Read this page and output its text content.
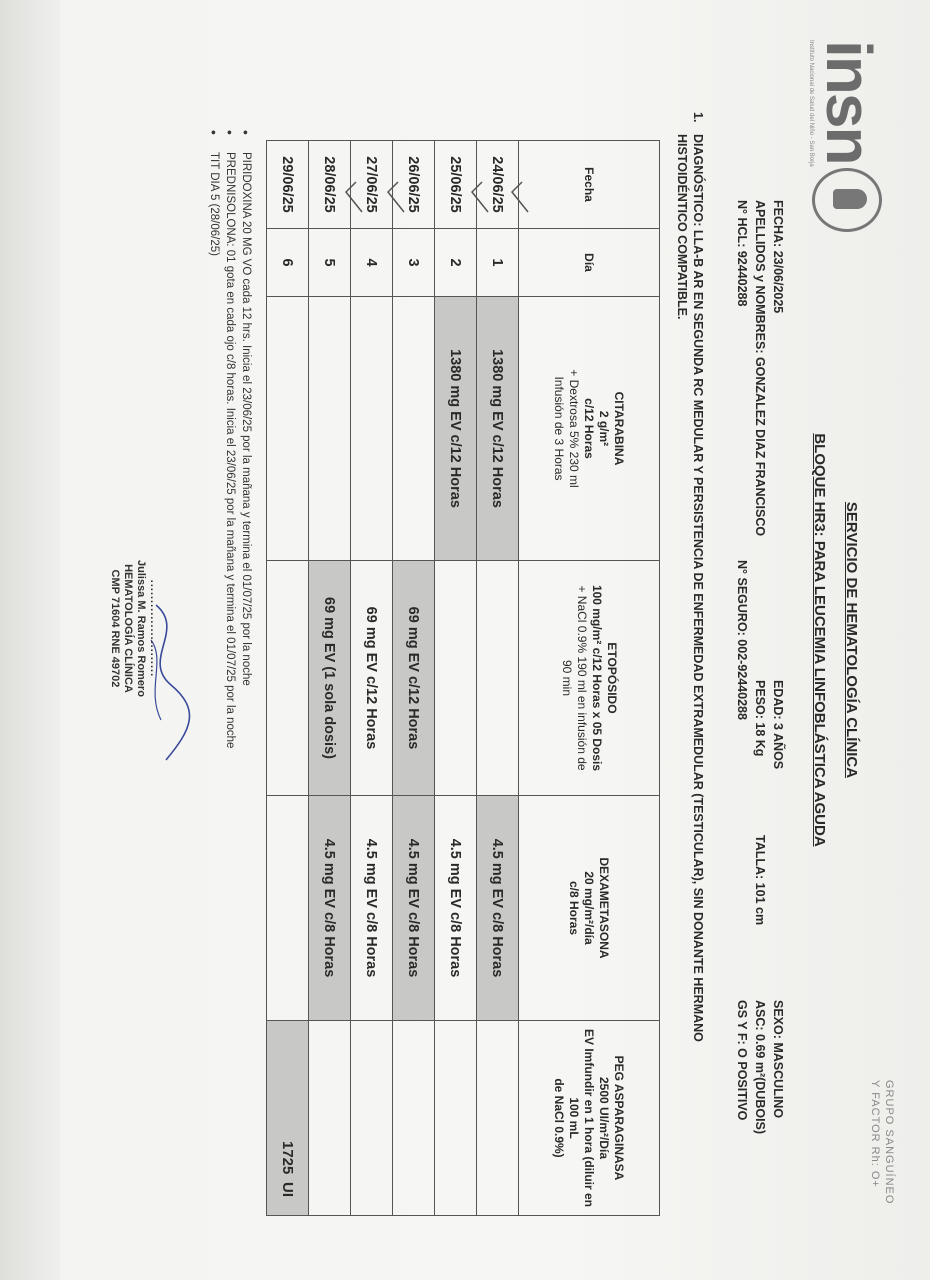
insn
Instituto Nacional de Salud del Niño - San Borja
GRUPO SANGUÍNEO
Y FACTOR Rh: O+
SERVICIO DE HEMATOLOGÍA CLÍNICA
BLOQUE HR3: PARA LEUCEMIA LINFOBLÁSTICA AGUDA
FECHA: 23/06/2025
EDAD: 3 AÑOS
SEXO: MASCULINO
APELLIDOS y NOMBRES: GONZALEZ DIAZ FRANCISCO
PESO: 18 Kg
TALLA: 101 cm
ASC: 0.69 m²(DUBOIS)
N° HCL: 92440288
N° SEGURO: 002-92440288
GS Y F: O POSITIVO
1.
DIAGNÓSTICO: LLA-B AR EN SEGUNDA RC MEDULAR Y PERSISTENCIA DE ENFERMEDAD EXTRAMEDULAR (TESTICULAR), SIN DONANTE HERMANO
HISTOIDÉNTICO COMPATIBLE.
Fecha	Día	CITARABINA
2 g/m²
c/12 Horas
+ Dextrosa 5% 230 ml
Infusión de 3 Horas	ETOPÓSIDO
100 mg/m² c/12 Horas x 05 Dosis
+ NaCl 0.9% 190 ml en infusión de
90 min	DEXAMETASONA
20 mg/m²/día
c/8 Horas	PEG ASPARAGINASA
2500 UI/m²/Día
EV Imfundir en 1 hora (diluir en 100 mL
de NaCl 0.9%)
24/06/25	1	1380 mg EV c/12 Horas		4.5 mg EV c/8 Horas	
25/06/25	2	1380 mg EV c/12 Horas		4.5 mg EV c/8 Horas	
26/06/25	3		69 mg EV c/12 Horas	4.5 mg EV c/8 Horas	
27/06/25	4		69 mg EV c/12 Horas	4.5 mg EV c/8 Horas	
28/06/25	5		69 mg EV (1 sola dosis)	4.5 mg EV c/8 Horas	
29/06/25	6				1725
UI
• PIRIDOXINA 20 MG VO cada 12 hrs. Inicia el 23/06/25 por la mañana y termina el 01/07/25 por la noche
• PREDNISOLONA: 01 gota en cada ojo c/8 horas. Inicia el 23/06/25 por la mañana y termina el 01/07/25 por la noche
• TIT DIA 5 (28/06/25)
........................
Julissa M. Ramos Romero
HEMATOLOGÍA CLÍNICA
CMP 71604 RNE 49702
